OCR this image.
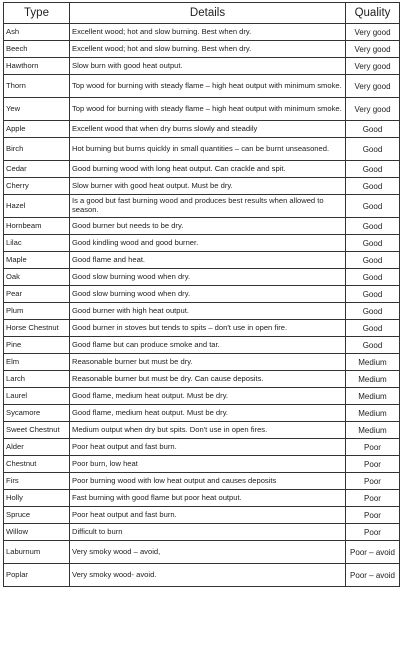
Type	Details	Quality
Ash	Excellent wood; hot and slow burning. Best when dry.	Very good
Beech	Excellent wood; hot and slow burning. Best when dry.	Very good
Hawthorn	Slow burn with good heat output.	Very good
Thorn	Top wood for burning with steady flame – high heat output with minimum smoke.	Very good
Yew	Top wood for burning with steady flame – high heat output with minimum smoke.	Very good
Apple	Excellent wood that when dry burns slowly and steadily	Good
Birch	Hot burning but burns quickly in small quantities – can be burnt unseasoned.	Good
Cedar	Good burning wood with long heat output. Can crackle and spit.	Good
Cherry	Slow burner with good heat output. Must be dry.	Good
Hazel	Is a good but fast burning wood and produces best results when allowed to season.	Good
Hornbeam	Good burner but needs to be dry.	Good
Lilac	Good kindling wood and good burner.	Good
Maple	Good flame and heat.	Good
Oak	Good slow burning wood when dry.	Good
Pear	Good slow burning wood when dry.	Good
Plum	Good burner with high heat output.	Good
Horse Chestnut	Good burner in stoves but tends to spits – don't use in open fire.	Good
Pine	Good flame but can produce smoke and tar.	Good
Elm	Reasonable burner but must be dry.	Medium
Larch	Reasonable burner but must be dry. Can cause deposits.	Medium
Laurel	Good flame, medium heat output. Must be dry.	Medium
Sycamore	Good flame, medium heat output. Must be dry.	Medium
Sweet Chestnut	Medium output when dry but spits. Don't use in open fires.	Medium
Alder	Poor heat output and fast burn.	Poor
Chestnut	Poor burn, low heat	Poor
Firs	Poor burning wood with low heat output and causes deposits	Poor
Holly	Fast burning with good flame but poor heat output.	Poor
Spruce	Poor heat output and fast burn.	Poor
Willow	Difficult to burn	Poor
Laburnum	Very smoky wood – avoid,	Poor – avoid
Poplar	Very smoky wood- avoid.	Poor – avoid
